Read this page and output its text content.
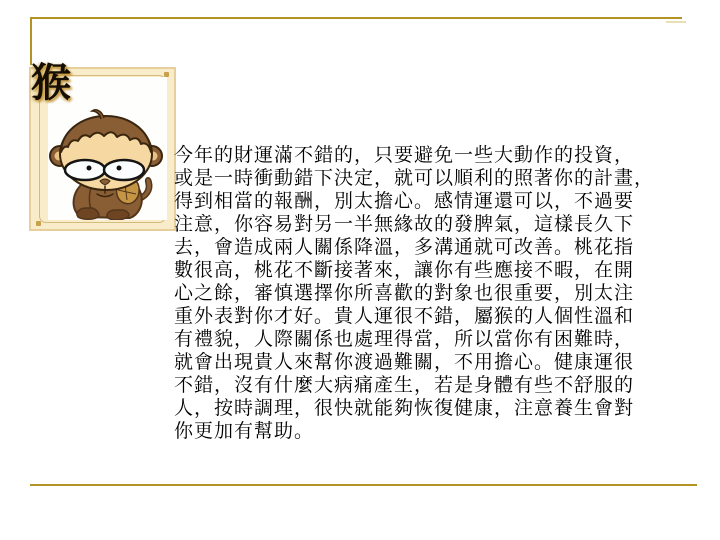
猴
今年的財運滿不錯的，只要避免一些大動作的投資，
或是一時衝動錯下決定，就可以順利的照著你的計畫，
得到相當的報酬，別太擔心。感情運還可以，不過要
注意，你容易對另一半無緣故的發脾氣，這樣長久下
去，會造成兩人關係降溫，多溝通就可改善。桃花指
數很高，桃花不斷接著來，讓你有些應接不暇，在開
心之餘，審慎選擇你所喜歡的對象也很重要，別太注
重外表對你才好。貴人運很不錯，屬猴的人個性溫和
有禮貌，人際關係也處理得當，所以當你有困難時，
就會出現貴人來幫你渡過難關，不用擔心。健康運很
不錯，沒有什麼大病痛產生，若是身體有些不舒服的
人，按時調理，很快就能夠恢復健康，注意養生會對
你更加有幫助。
